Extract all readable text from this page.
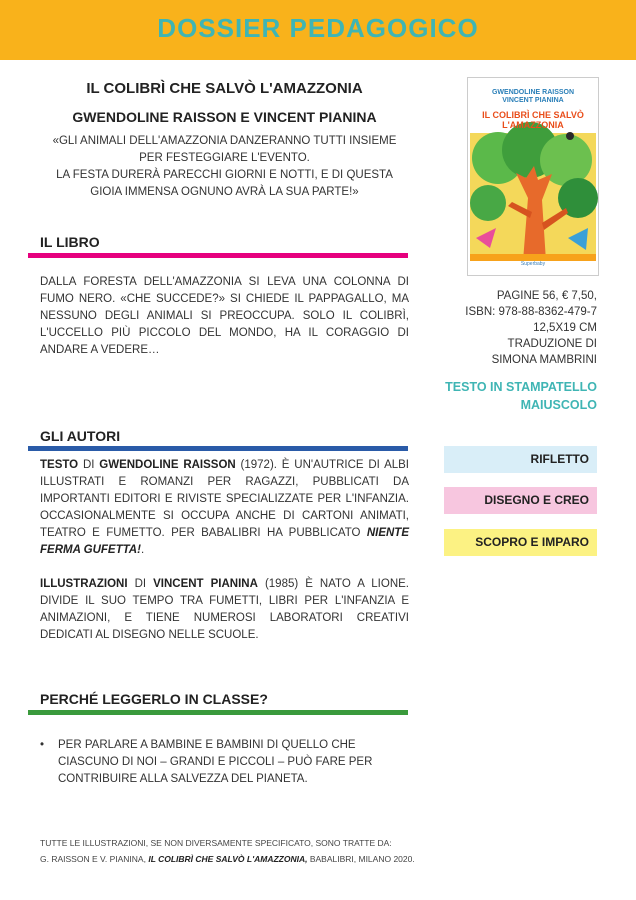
DOSSIER PEDAGOGICO
IL COLIBRÌ CHE SALVÒ L'AMAZZONIA
GWENDOLINE RAISSON E VINCENT PIANINA
«GLI ANIMALI DELL'AMAZZONIA DANZERANNO TUTTI INSIEME
PER FESTEGGIARE L'EVENTO.
LA FESTA DURERÀ PARECCHI GIORNI E NOTTI, E DI QUESTA
GIOIA IMMENSA OGNUNO AVRÀ LA SUA PARTE!»
GWENDOLINE RAISSON
VINCENT PIANINA
IL COLIBRÌ CHE SALVÒ
L'AMAZZONIA
Superbaby
PAGINE 56, € 7,50,
ISBN: 978-88-8362-479-7
12,5X19 CM
TRADUZIONE DI
SIMONA MAMBRINI
TESTO IN STAMPATELLO
MAIUSCOLO
IL LIBRO
DALLA FORESTA DELL'AMAZZONIA SI LEVA UNA COLONNA DI FUMO NERO. «CHE SUCCEDE?» SI CHIEDE IL PAPPAGALLO, MA NESSUNO DEGLI ANIMALI SI PREOCCUPA. SOLO IL COLIBRÌ, L'UCCELLO PIÙ PICCOLO DEL MONDO, HA IL CORAGGIO DI ANDARE A VEDERE…
GLI AUTORI
TESTO DI GWENDOLINE RAISSON (1972). È UN'AUTRICE DI ALBI ILLUSTRATI E ROMANZI PER RAGAZZI, PUBBLICATI DA IMPORTANTI EDITORI E RIVISTE SPECIALIZZATE PER L'INFANZIA. OCCASIONALMENTE SI OCCUPA ANCHE DI CARTONI ANIMATI, TEATRO E FUMETTO. PER BABALIBRI HA PUBBLICATO NIENTE FERMA GUFETTA!.
ILLUSTRAZIONI DI VINCENT PIANINA (1985) È NATO A LIONE. DIVIDE IL SUO TEMPO TRA FUMETTI, LIBRI PER L'INFANZIA E ANIMAZIONI, E TIENE NUMEROSI LABORATORI CREATIVI DEDICATI AL DISEGNO NELLE SCUOLE.
PERCHÉ LEGGERLO IN CLASSE?
• PER PARLARE A BAMBINE E BAMBINI DI QUELLO CHE CIASCUNO DI NOI – GRANDI E PICCOLI – PUÒ FARE PER CONTRIBUIRE ALLA SALVEZZA DEL PIANETA.
RIFLETTO
DISEGNO E CREO
SCOPRO E IMPARO
TUTTE LE ILLUSTRAZIONI, SE NON DIVERSAMENTE SPECIFICATO, SONO TRATTE DA:
G. RAISSON E V. PIANINA, IL COLIBRÌ CHE SALVÒ L'AMAZZONIA, BABALIBRI, MILANO 2020.
